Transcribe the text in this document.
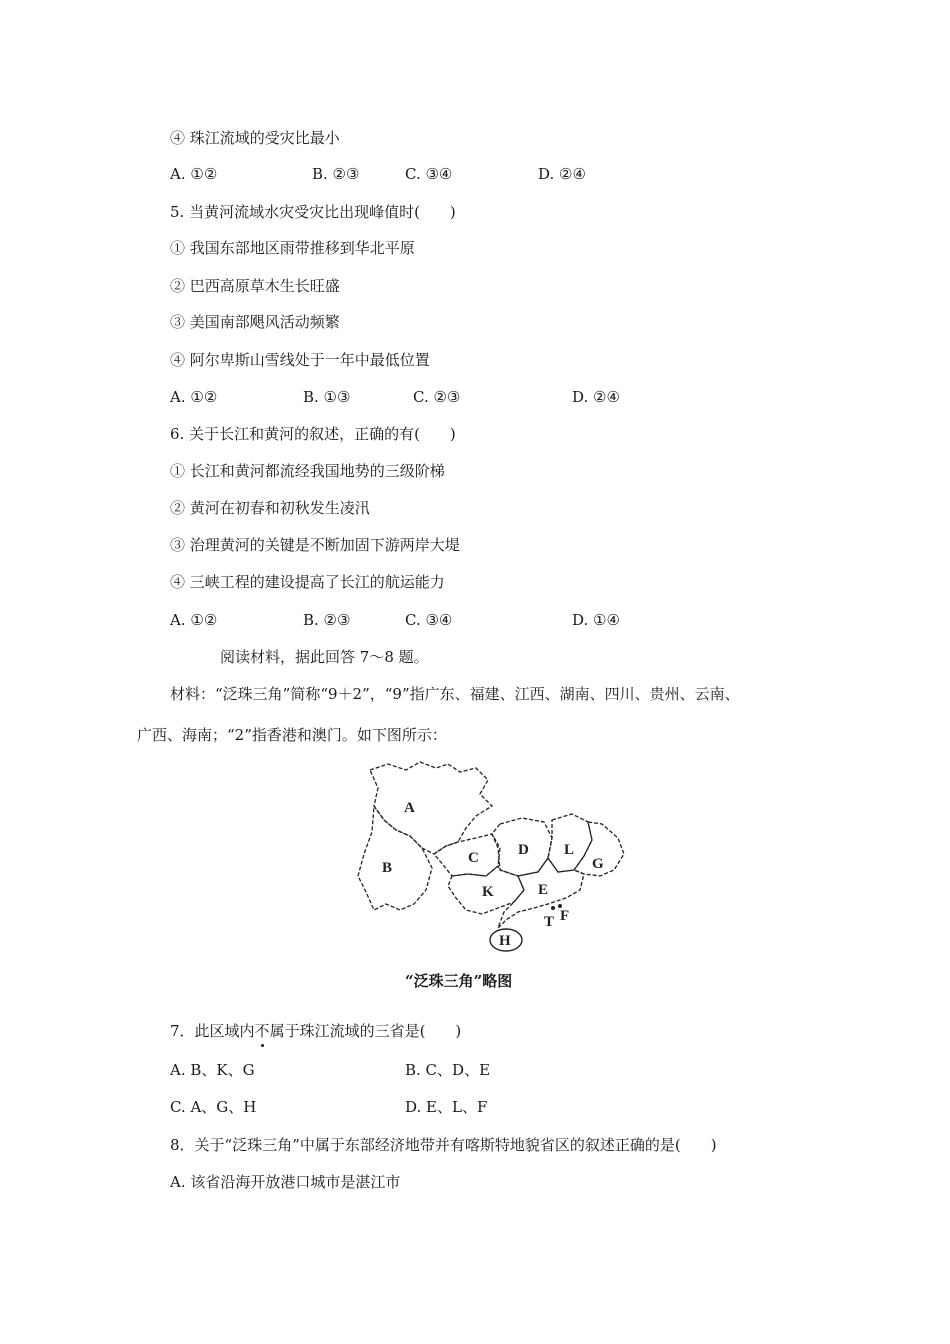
④ 珠江流域的受灾比最小
A. ①②	B. ②③	C. ③④	D. ②④
5. 当黄河流域水灾受灾比出现峰值时(　　)
① 我国东部地区雨带推移到华北平原
② 巴西高原草木生长旺盛
③ 美国南部飓风活动频繁
④ 阿尔卑斯山雪线处于一年中最低位置
A. ①②	B. ①③	C. ②③	D. ②④
6. 关于长江和黄河的叙述，正确的有(　　)
① 长江和黄河都流经我国地势的三级阶梯
② 黄河在初春和初秋发生凌汛
③ 治理黄河的关键是不断加固下游两岸大堤
④ 三峡工程的建设提高了长江的航运能力
A. ①②	B. ②③	C. ③④	D. ①④
阅读材料，据此回答 7～8 题。
材料：“泛珠三角”简称“9＋2”，“9”指广东、福建、江西、湖南、四川、贵州、云南、
广西、海南；“2”指香港和澳门。如下图所示：
A
B
C	D L
G
K	E
T F
H
“泛珠三角”略图
7．此区域内不属于珠江流域的三省是(　　)
A. B、K、G	B. C、D、E
C. A、G、H	D. E、L、F
8．关于“泛珠三角”中属于东部经济地带并有喀斯特地貌省区的叙述正确的是(　　)
A. 该省沿海开放港口城市是湛江市
